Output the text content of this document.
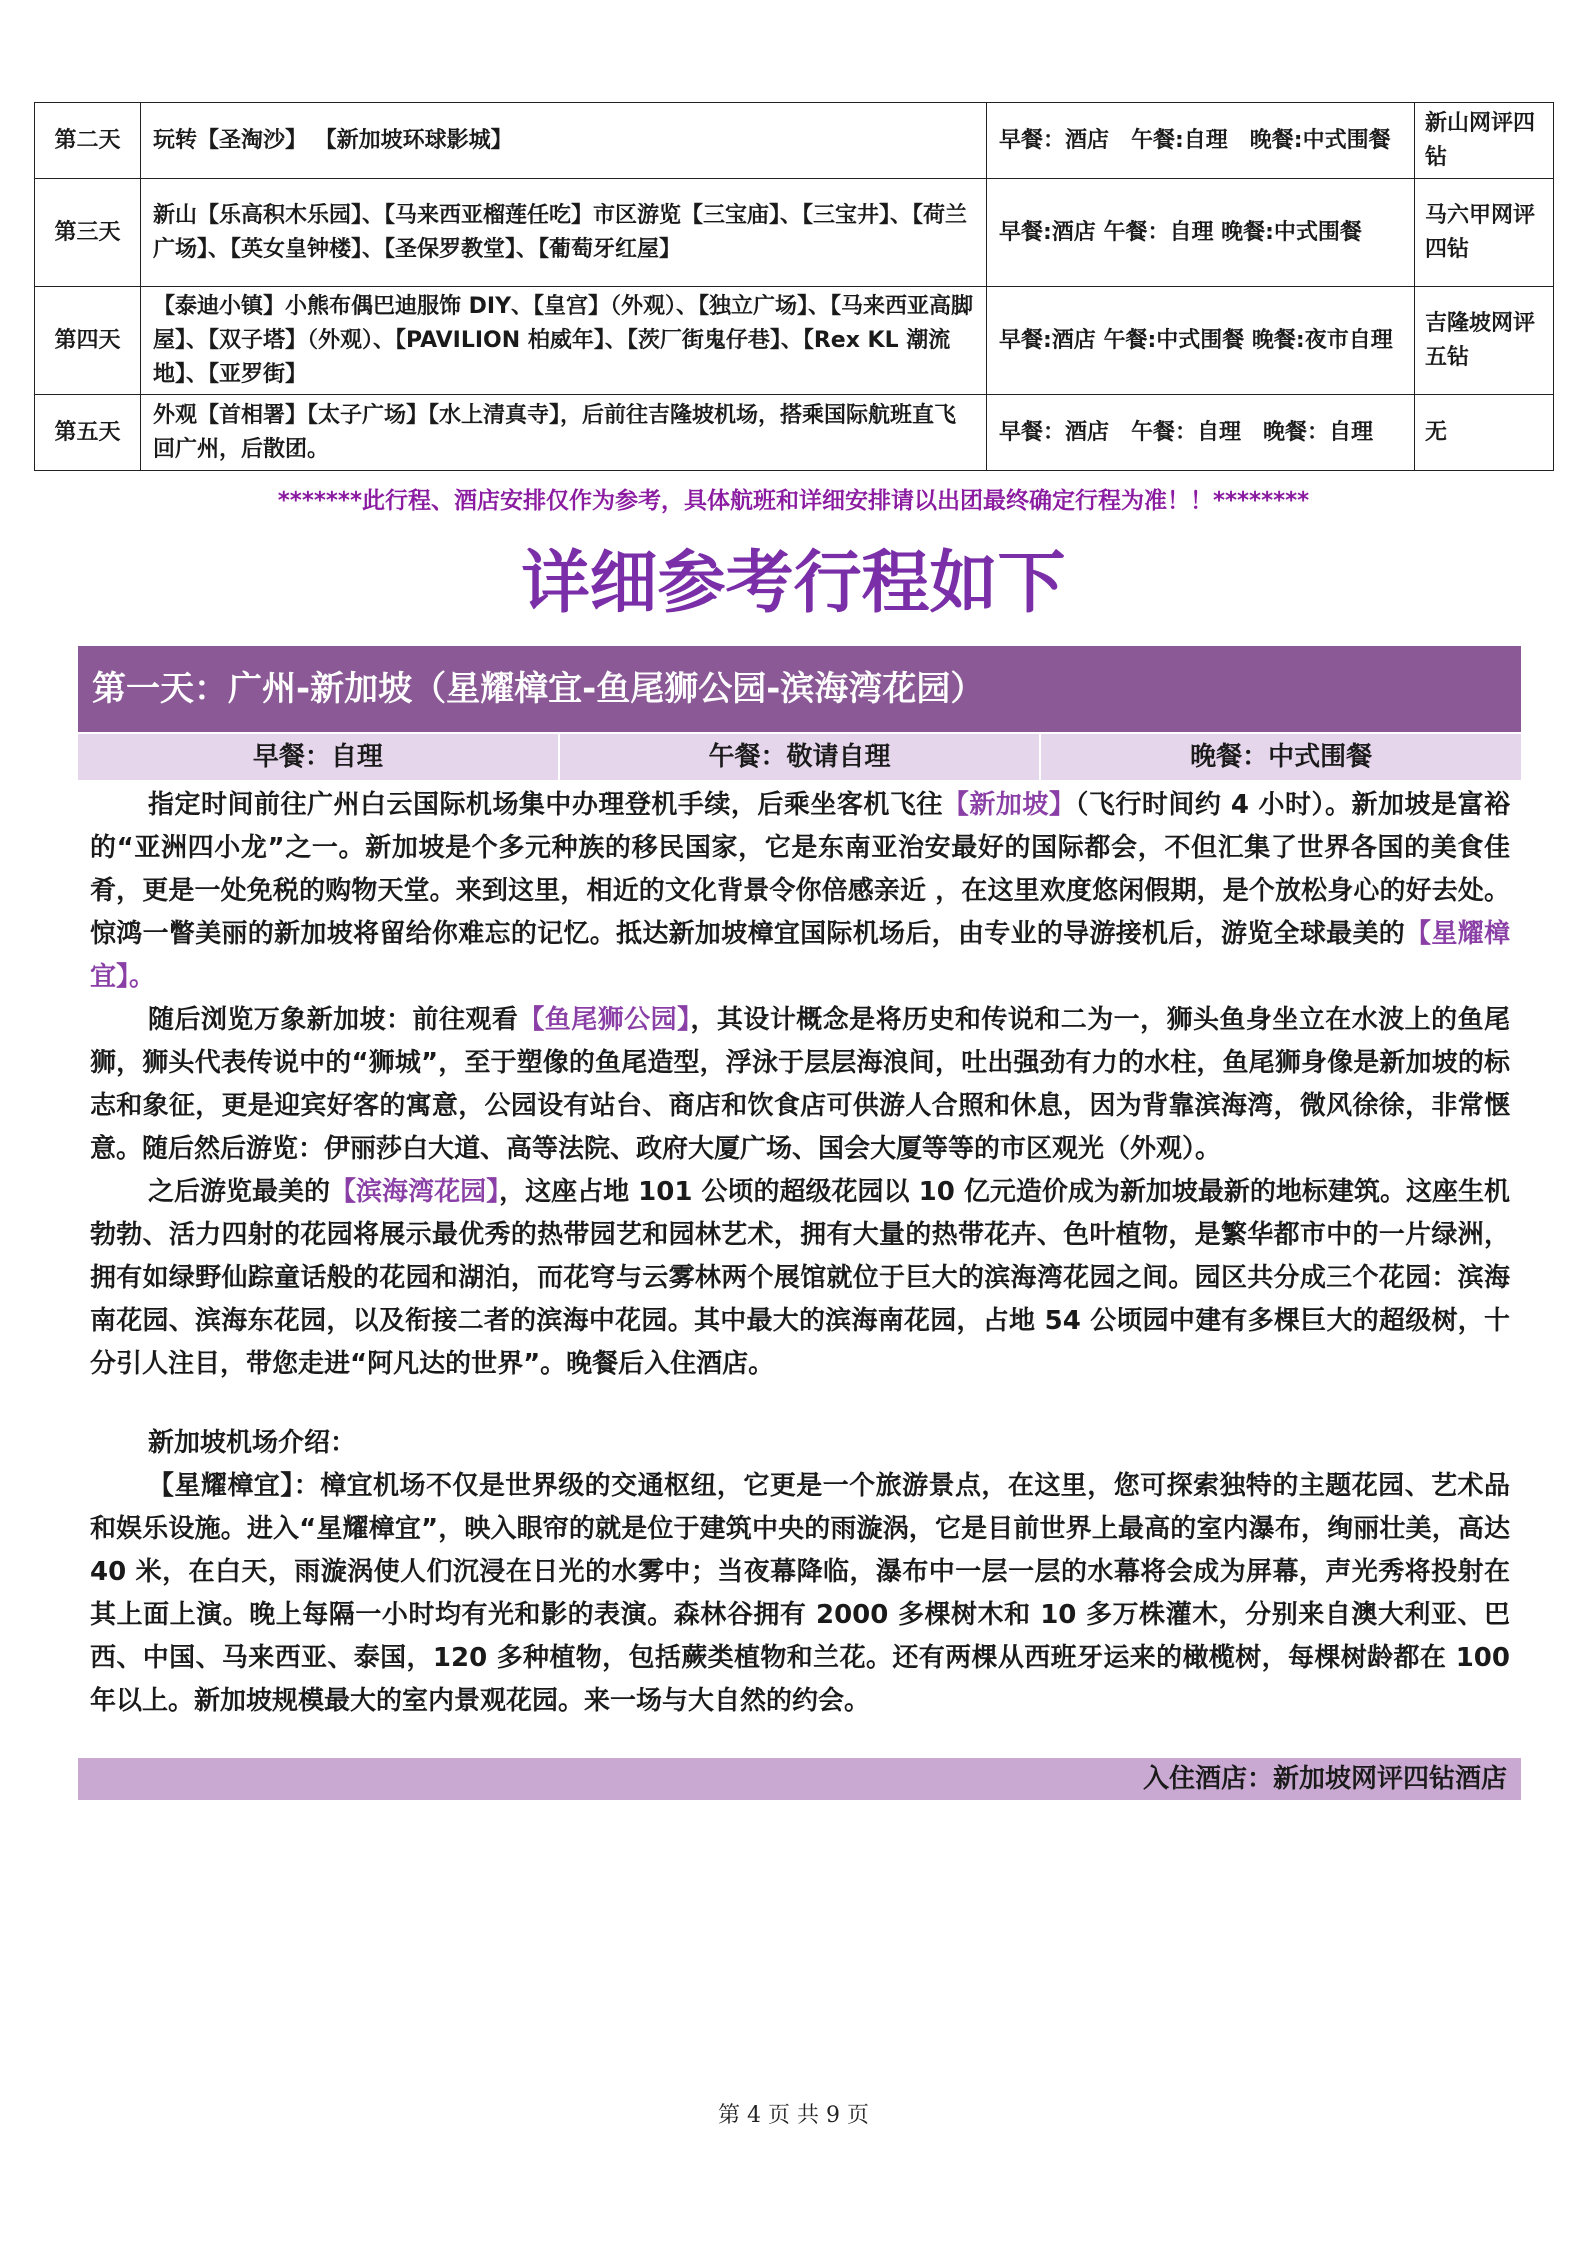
第二天	玩转【圣淘沙】 【新加坡环球影城】	早餐：酒店　午餐:自理　晚餐:中式围餐	新山网评四钻
第三天	新山【乐高积木乐园】、【马来西亚榴莲任吃】市区游览【三宝庙】、【三宝井】、【荷兰广场】、【英女皇钟楼】、【圣保罗教堂】、【葡萄牙红屋】	早餐:酒店 午餐：自理 晚餐:中式围餐	马六甲网评四钻
第四天	【泰迪小镇】小熊布偶巴迪服饰 DIY、【皇宫】（外观）、【独立广场】、【马来西亚高脚屋】、【双子塔】（外观）、【PAVILION 柏威年】、【茨厂街鬼仔巷】、【Rex KL 潮流地】、【亚罗街】	早餐:酒店 午餐:中式围餐 晚餐:夜市自理	吉隆坡网评五钻
第五天	外观【首相署】【太子广场】【水上清真寺】，后前往吉隆坡机场，搭乘国际航班直飞回广州，后散团。	早餐：酒店　午餐：自理　晚餐：自理	无
*******此行程、酒店安排仅作为参考，具体航班和详细安排请以出团最终确定行程为准！！********
详细参考行程如下
第一天：广州-新加坡（星耀樟宜-鱼尾狮公园-滨海湾花园）
早餐：自理	午餐：敬请自理	晚餐：中式围餐

指定时间前往广州白云国际机场集中办理登机手续，后乘坐客机飞往【新加坡】（飞行时间约 4 小时）。新加坡是富裕的“亚洲四小龙”之一。新加坡是个多元种族的移民国家，它是东南亚治安最好的国际都会，不但汇集了世界各国的美食佳肴，更是一处免税的购物天堂。来到这里，相近的文化背景令你倍感亲近 ，在这里欢度悠闲假期，是个放松身心的好去处。惊鸿一瞥美丽的新加坡将留给你难忘的记忆。抵达新加坡樟宜国际机场后，由专业的导游接机后，游览全球最美的【星耀樟宜】。

随后浏览万象新加坡：前往观看【鱼尾狮公园】，其设计概念是将历史和传说和二为一，狮头鱼身坐立在水波上的鱼尾狮，狮头代表传说中的“狮城”，至于塑像的鱼尾造型，浮泳于层层海浪间，吐出强劲有力的水柱，鱼尾狮身像是新加坡的标志和象征，更是迎宾好客的寓意，公园设有站台、商店和饮食店可供游人合照和休息，因为背靠滨海湾，微风徐徐，非常惬意。随后然后游览：伊丽莎白大道、高等法院、政府大厦广场、国会大厦等等的市区观光（外观）。

之后游览最美的【滨海湾花园】，这座占地 101 公顷的超级花园以 10 亿元造价成为新加坡最新的地标建筑。这座生机勃勃、活力四射的花园将展示最优秀的热带园艺和园林艺术，拥有大量的热带花卉、色叶植物，是繁华都市中的一片绿洲，拥有如绿野仙踪童话般的花园和湖泊，而花穹与云雾林两个展馆就位于巨大的滨海湾花园之间。园区共分成三个花园：滨海南花园、滨海东花园，以及衔接二者的滨海中花园。其中最大的滨海南花园，占地 54 公顷园中建有多棵巨大的超级树，十分引人注目，带您走进“阿凡达的世界”。晚餐后入住酒店。

新加坡机场介绍：

【星耀樟宜】：樟宜机场不仅是世界级的交通枢纽，它更是一个旅游景点，在这里，您可探索独特的主题花园、艺术品和娱乐设施。进入“星耀樟宜”，映入眼帘的就是位于建筑中央的雨漩涡，它是目前世界上最高的室内瀑布，绚丽壮美，高达 40 米，在白天，雨漩涡使人们沉浸在日光的水雾中；当夜幕降临，瀑布中一层一层的水幕将会成为屏幕，声光秀将投射在其上面上演。晚上每隔一小时均有光和影的表演。森林谷拥有 2000 多棵树木和 10 多万株灌木，分别来自澳大利亚、巴西、中国、马来西亚、泰国，120 多种植物，包括蕨类植物和兰花。还有两棵从西班牙运来的橄榄树，每棵树龄都在 100 年以上。新加坡规模最大的室内景观花园。来一场与大自然的约会。

入住酒店：新加坡网评四钻酒店
第 4 页 共 9 页
